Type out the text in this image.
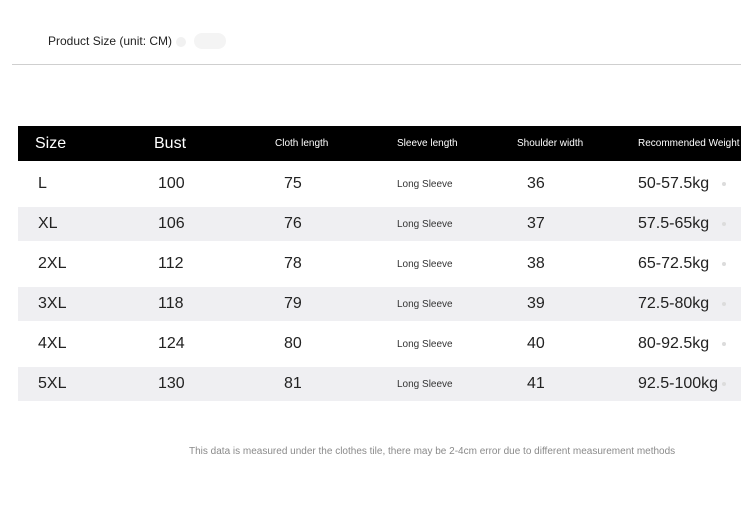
Product Size (unit: CM)
Size	Bust	Cloth length	Sleeve length	Shoulder width	Recommended Weight
L	100	75	Long Sleeve	36	50-57.5kg
XL	106	76	Long Sleeve	37	57.5-65kg
2XL	112	78	Long Sleeve	38	65-72.5kg
3XL	118	79	Long Sleeve	39	72.5-80kg
4XL	124	80	Long Sleeve	40	80-92.5kg
5XL	130	81	Long Sleeve	41	92.5-100kg
This data is measured under the clothes tile, there may be 2-4cm error due to different measurement methods
